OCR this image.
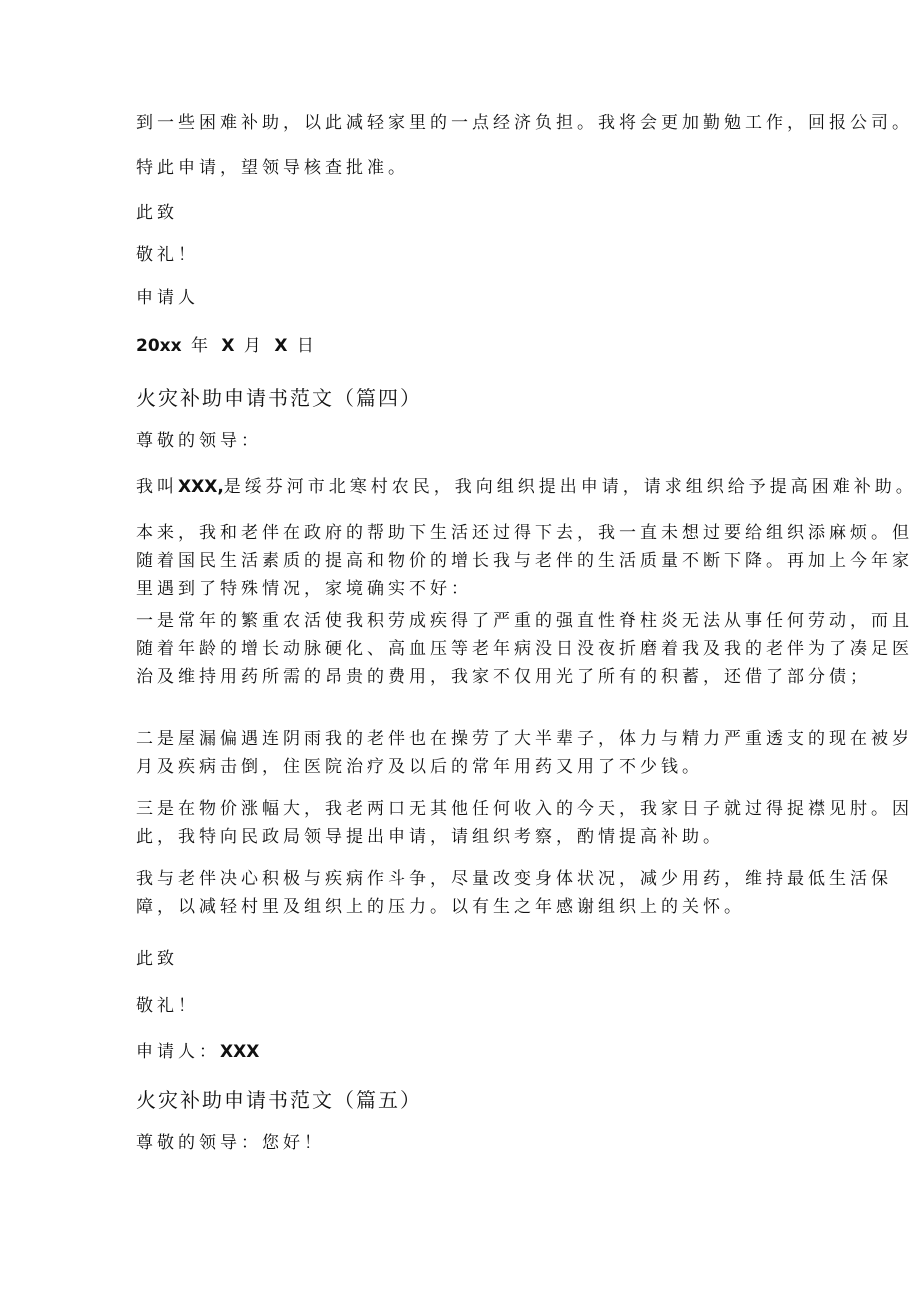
到一些困难补助，以此减轻家里的一点经济负担。我将会更加勤勉工作，回报公司。
特此申请，望领导核查批准。
此致
敬礼！
申请人
20xx 年 X 月 X 日
火灾补助申请书范文（篇四）
尊敬的领导：
我叫XXX,是绥芬河市北寒村农民，我向组织提出申请，请求组织给予提高困难补助。
本来，我和老伴在政府的帮助下生活还过得下去，我一直未想过要给组织添麻烦。但
随着国民生活素质的提高和物价的增长我与老伴的生活质量不断下降。再加上今年家
里遇到了特殊情况，家境确实不好：
一是常年的繁重农活使我积劳成疾得了严重的强直性脊柱炎无法从事任何劳动，而且
随着年龄的增长动脉硬化、高血压等老年病没日没夜折磨着我及我的老伴为了凑足医
治及维持用药所需的昂贵的费用，我家不仅用光了所有的积蓄，还借了部分债；
二是屋漏偏遇连阴雨我的老伴也在操劳了大半辈子，体力与精力严重透支的现在被岁
月及疾病击倒，住医院治疗及以后的常年用药又用了不少钱。
三是在物价涨幅大，我老两口无其他任何收入的今天，我家日子就过得捉襟见肘。因
此，我特向民政局领导提出申请，请组织考察，酌情提高补助。
我与老伴决心积极与疾病作斗争，尽量改变身体状况，减少用药，维持最低生活保
障，以减轻村里及组织上的压力。以有生之年感谢组织上的关怀。
此致
敬礼！
申请人：XXX
火灾补助申请书范文（篇五）
尊敬的领导：您好！
